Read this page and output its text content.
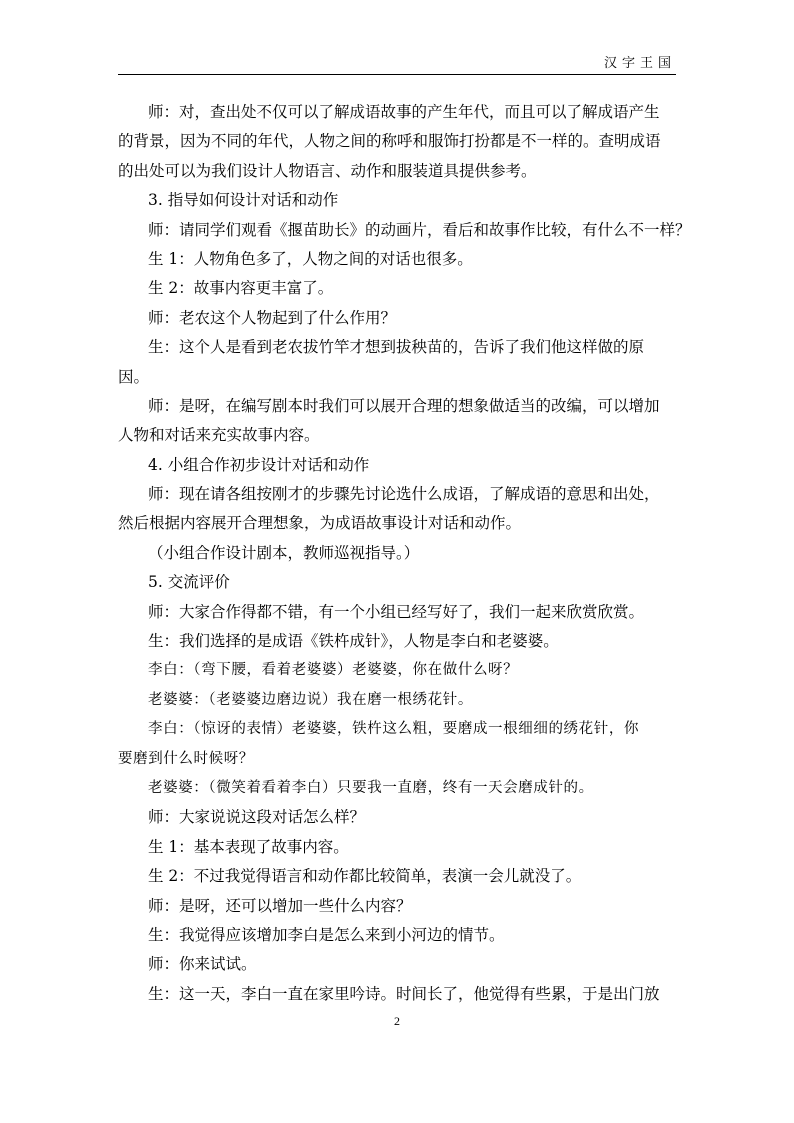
汉字王国
师：对，查出处不仅可以了解成语故事的产生年代，而且可以了解成语产生
的背景，因为不同的年代，人物之间的称呼和服饰打扮都是不一样的。查明成语
的出处可以为我们设计人物语言、动作和服装道具提供参考。
3. 指导如何设计对话和动作
师：请同学们观看《揠苗助长》的动画片，看后和故事作比较，有什么不一样？
生 1：人物角色多了，人物之间的对话也很多。
生 2：故事内容更丰富了。
师：老农这个人物起到了什么作用？
生：这个人是看到老农拔竹竿才想到拔秧苗的，告诉了我们他这样做的原
因。
师：是呀，在编写剧本时我们可以展开合理的想象做适当的改编，可以增加
人物和对话来充实故事内容。
4. 小组合作初步设计对话和动作
师：现在请各组按刚才的步骤先讨论选什么成语，了解成语的意思和出处，
然后根据内容展开合理想象，为成语故事设计对话和动作。
（小组合作设计剧本，教师巡视指导。）
5. 交流评价
师：大家合作得都不错，有一个小组已经写好了，我们一起来欣赏欣赏。
生：我们选择的是成语《铁杵成针》，人物是李白和老婆婆。
李白：（弯下腰，看着老婆婆）老婆婆，你在做什么呀？
老婆婆：（老婆婆边磨边说）我在磨一根绣花针。
李白：（惊讶的表情）老婆婆，铁杵这么粗，要磨成一根细细的绣花针，你
要磨到什么时候呀？
老婆婆：（微笑着看着李白）只要我一直磨，终有一天会磨成针的。
师：大家说说这段对话怎么样？
生 1：基本表现了故事内容。
生 2：不过我觉得语言和动作都比较简单，表演一会儿就没了。
师：是呀，还可以增加一些什么内容？
生：我觉得应该增加李白是怎么来到小河边的情节。
师：你来试试。
生：这一天，李白一直在家里吟诗。时间长了，他觉得有些累，于是出门放
2
